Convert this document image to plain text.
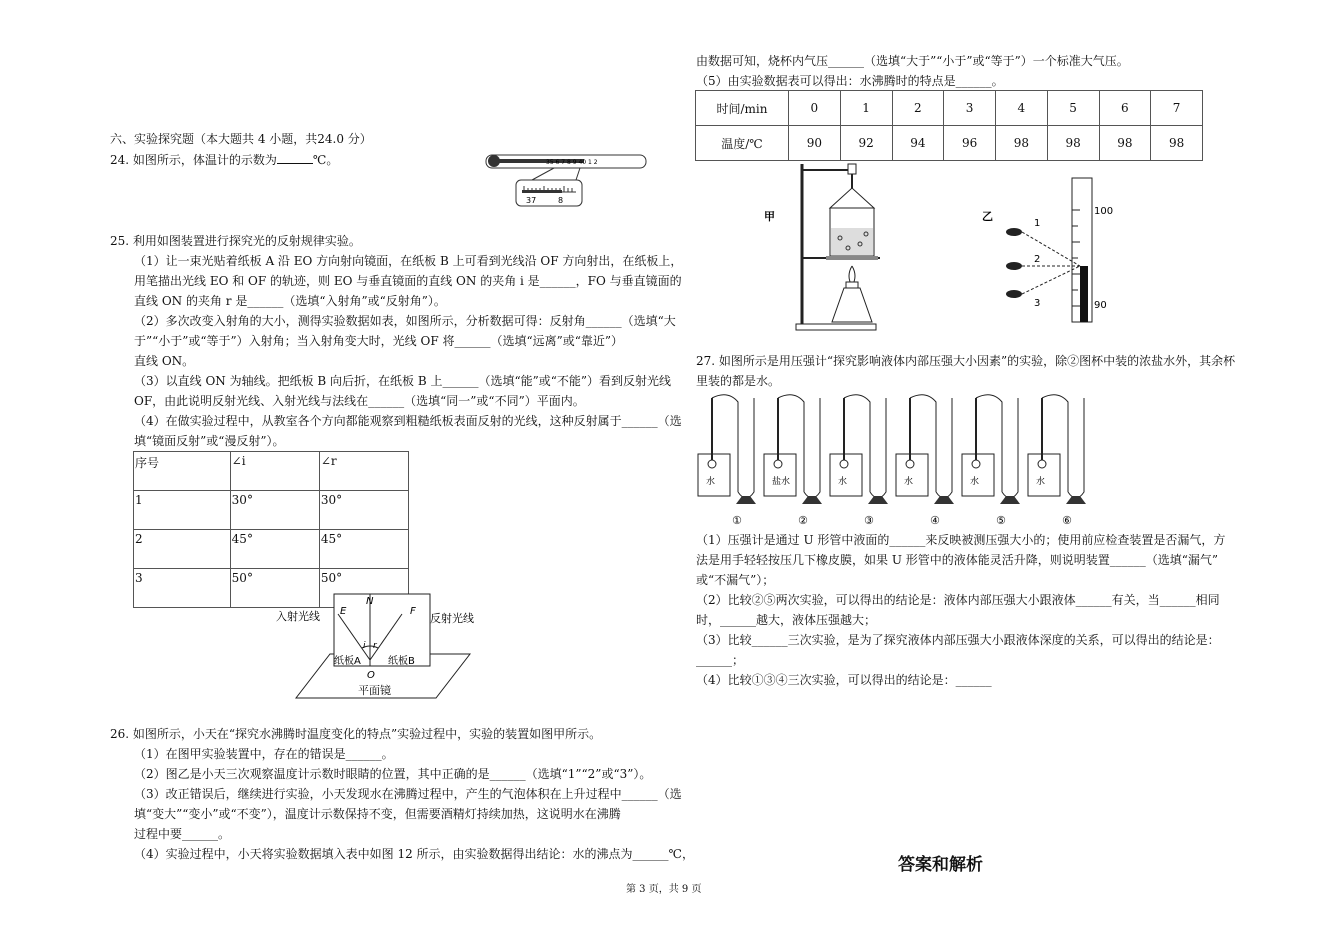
六、实验探究题（本大题共 4 小题，共24.0 分）
24. 如图所示，体温计的示数为	℃。	35 6 7 8 9 40 1 2
37	8
25. 利用如图装置进行探究光的反射规律实验。
（1）让一束光贴着纸板 A 沿 EO 方向射向镜面，在纸板 B 上可看到光线沿 OF 方向射出，在纸板上，
用笔描出光线 EO 和 OF 的轨迹，则 EO 与垂直镜面的直线 ON 的夹角 i 是______，FO 与垂直镜面的
直线 ON 的夹角 r 是______（选填“入射角”或“反射角”）。
（2）多次改变入射角的大小，测得实验数据如表，如图所示，分析数据可得：反射角______（选填“大
于”“小于”或“等于”）入射角；当入射角变大时，光线 OF 将______（选填“远离”或“靠近”）
直线 ON。
（3）以直线 ON 为轴线。把纸板 B 向后折，在纸板 B 上______（选填“能”或“不能”）看到反射光线
OF，由此说明反射光线、入射光线与法线在______（选填“同一”或“不同”）平面内。
（4）在做实验过程中，从教室各个方向都能观察到粗糙纸板表面反射的光线，这种反射属于______（选
填“镜面反射”或“漫反射”）。
序号	∠i	∠r
1	30°	30°
2	45°	45°
3	50°	50°
入射光线	反射光线
N
E	F
i r
纸板A	纸板B
O
平面镜
26. 如图所示，小天在“探究水沸腾时温度变化的特点”实验过程中，实验的装置如图甲所示。
（1）在图甲实验装置中，存在的错误是______。
（2）图乙是小天三次观察温度计示数时眼睛的位置，其中正确的是______（选填“1”“2”或“3”）。
（3）改正错误后，继续进行实验，小天发现水在沸腾过程中，产生的气泡体积在上升过程中______（选
填“变大”“变小”或“不变”），温度计示数保持不变，但需要酒精灯持续加热，这说明水在沸腾
过程中要______。
（4）实验过程中，小天将实验数据填入表中如图 12 所示，由实验数据得出结论：水的沸点为______℃，
由数据可知，烧杯内气压______（选填“大于”“小于”或“等于”）一个标准大气压。
（5）由实验数据表可以得出：水沸腾时的特点是______。
时间/min	0	1	2	3	4	5	6	7
温度/℃	90	92	94	96	98	98	98	98
甲	乙	100
90
1
2
3
27. 如图所示是用压强计“探究影响液体内部压强大小因素”的实验，除②图杯中装的浓盐水外，其余杯
里装的都是水。
水
①
盐水
②
水
③
水
④
水
⑤
水
⑥
（1）压强计是通过 U 形管中液面的______来反映被测压强大小的；使用前应检查装置是否漏气，方
法是用手轻轻按压几下橡皮膜，如果 U 形管中的液体能灵活升降，则说明装置______（选填“漏气”
或“不漏气”）；
（2）比较②⑤两次实验，可以得出的结论是：液体内部压强大小跟液体______有关，当______相同
时，______越大，液体压强越大；
（3）比较______三次实验，是为了探究液体内部压强大小跟液体深度的关系，可以得出的结论是：
______；
（4）比较①③④三次实验，可以得出的结论是：______
答案和解析
第 3 页，共 9 页
